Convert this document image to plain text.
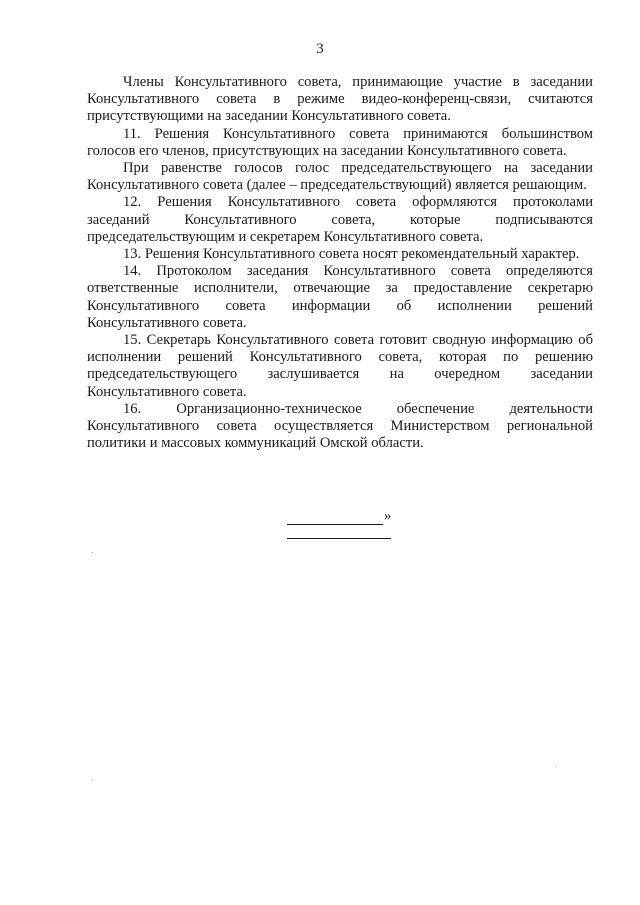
3

Члены Консультативного совета, принимающие участие в заседании Консультативного совета в режиме видео-конференц-связи, считаются присутствующими на заседании Консультативного совета.

11. Решения Консультативного совета принимаются большинством голосов его членов, присутствующих на заседании Консультативного совета.

При равенстве голосов голос председательствующего на заседании Консультативного совета (далее – председательствующий) является решающим.

12. Решения Консультативного совета оформляются протоколами заседаний Консультативного совета, которые подписываются председательствующим и секретарем Консультативного совета.

13. Решения Консультативного совета носят рекомендательный характер.

14. Протоколом заседания Консультативного совета определяются ответственные исполнители, отвечающие за предоставление секретарю Консультативного совета информации об исполнении решений Консультативного совета.

15. Секретарь Консультативного совета готовит сводную информацию об исполнении решений Консультативного совета, которая по решению председательствующего заслушивается на очередном заседании Консультативного совета.

16. Организационно-техническое обеспечение деятельности Консультативного совета осуществляется Министерством региональной политики и массовых коммуникаций Омской области.

»
